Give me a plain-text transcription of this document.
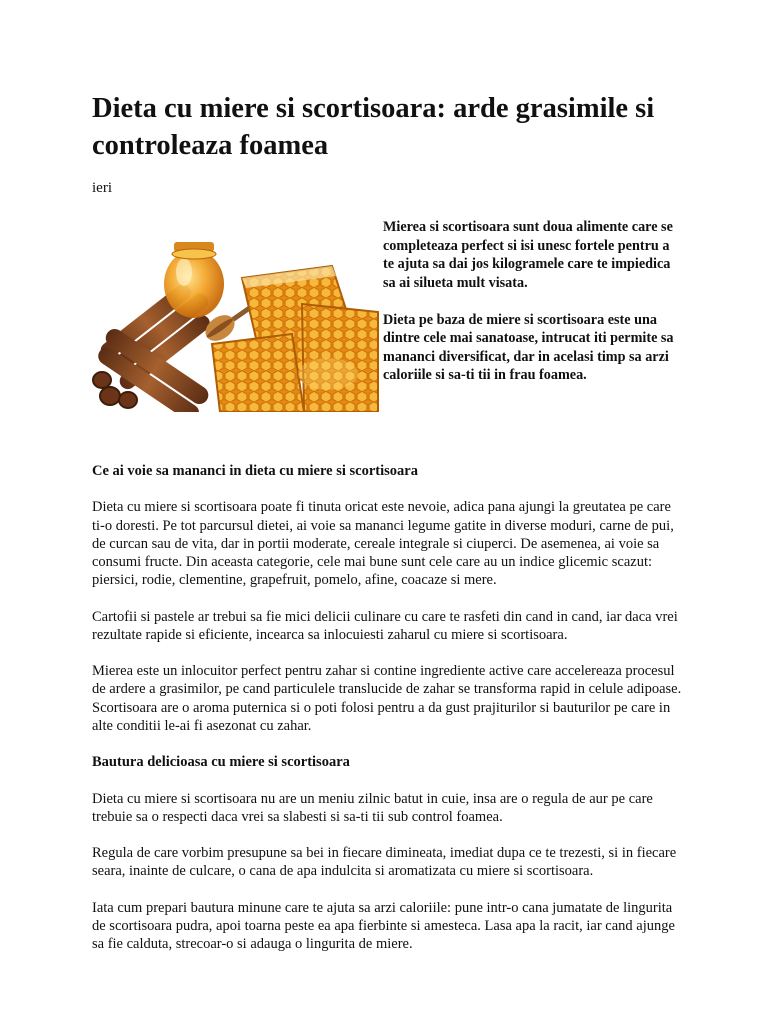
Dieta cu miere si scortisoara: arde grasimile si controleaza foamea
ieri

Mierea si scortisoara sunt doua alimente care se completeaza perfect si isi unesc fortele pentru a te ajuta sa dai jos kilogramele care te impiedica sa ai silueta mult visata.

Dieta pe baza de miere si scortisoara este una dintre cele mai sanatoase, intrucat iti permite sa mananci diversificat, dar in acelasi timp sa arzi caloriile si sa-ti tii in frau foamea.

Ce ai voie sa mananci in dieta cu miere si scortisoara

Dieta cu miere si scortisoara poate fi tinuta oricat este nevoie, adica pana ajungi la greutatea pe care ti-o doresti. Pe tot parcursul dietei, ai voie sa mananci legume gatite in diverse moduri, carne de pui, de curcan sau de vita, dar in portii moderate, cereale integrale si ciuperci. De asemenea, ai voie sa consumi fructe. Din aceasta categorie, cele mai bune sunt cele care au un indice glicemic scazut: piersici, rodie, clementine, grapefruit, pomelo, afine, coacaze si mere.

Cartofii si pastele ar trebui sa fie mici delicii culinare cu care te rasfeti din cand in cand, iar daca vrei rezultate rapide si eficiente, incearca sa inlocuiesti zaharul cu miere si scortisoara.

Mierea este un inlocuitor perfect pentru zahar si contine ingrediente active care accelereaza procesul de ardere a grasimilor, pe cand particulele translucide de zahar se transforma rapid in celule adipoase. Scortisoara are o aroma puternica si o poti folosi pentru a da gust prajiturilor si bauturilor pe care in alte conditii le-ai fi asezonat cu zahar.

Bautura delicioasa cu miere si scortisoara

Dieta cu miere si scortisoara nu are un meniu zilnic batut in cuie, insa are o regula de aur pe care trebuie sa o respecti daca vrei sa slabesti si sa-ti tii sub control foamea.

Regula de care vorbim presupune sa bei in fiecare dimineata, imediat dupa ce te trezesti, si in fiecare seara, inainte de culcare, o cana de apa indulcita si aromatizata cu miere si scortisoara.

Iata cum prepari bautura minune care te ajuta sa arzi caloriile: pune intr-o cana jumatate de lingurita de scortisoara pudra, apoi toarna peste ea apa fierbinte si amesteca. Lasa apa la racit, iar cand ajunge sa fie calduta, strecoar-o si adauga o lingurita de miere.
